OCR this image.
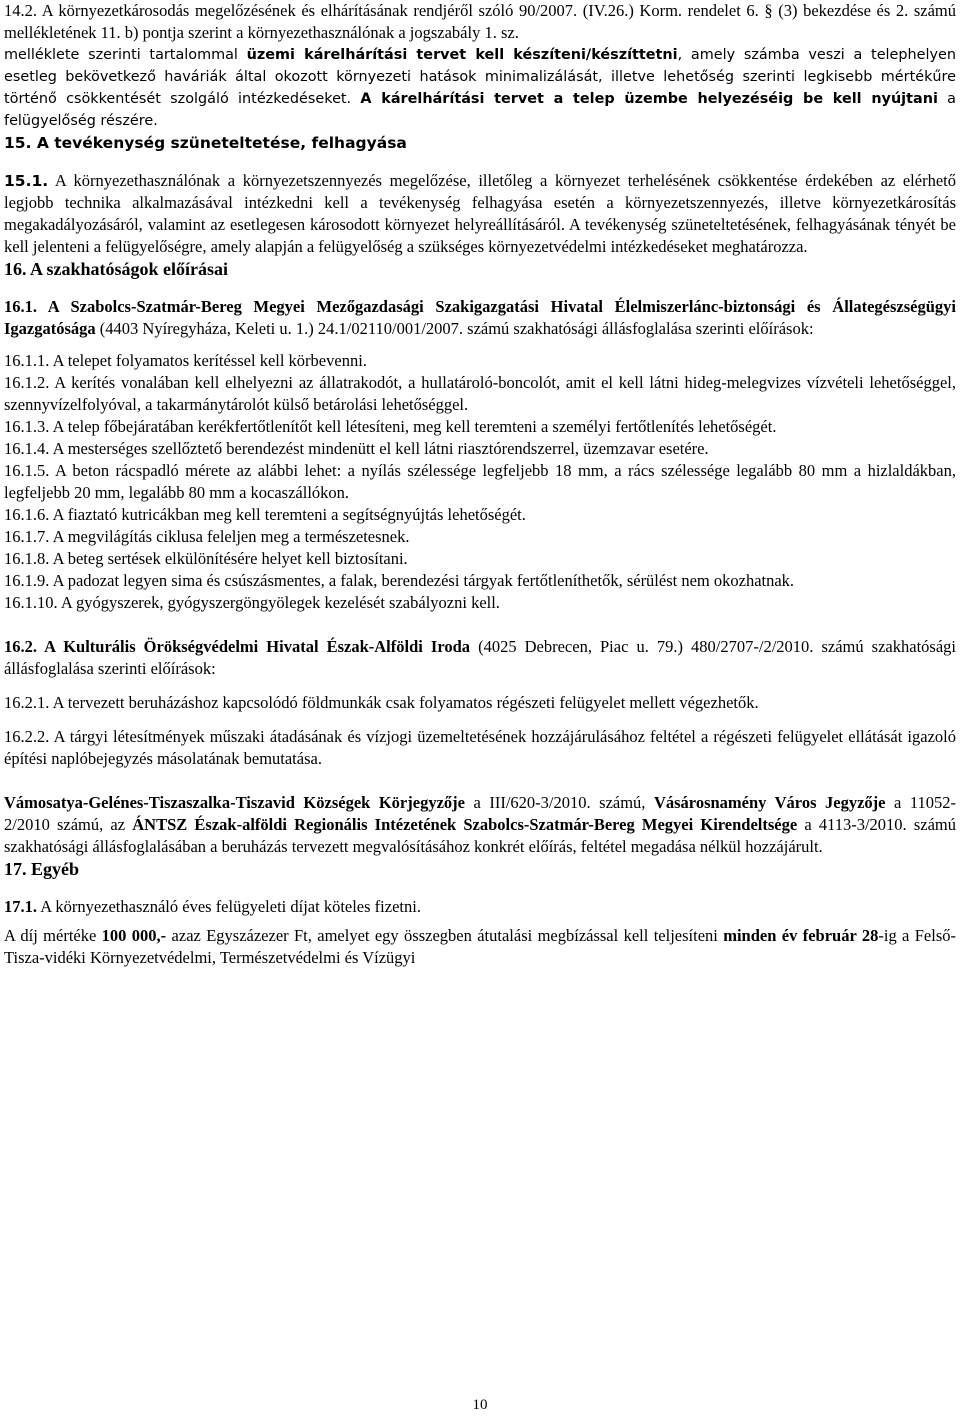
14.2. A környezetkárosodás megelőzésének és elhárításának rendjéről szóló 90/2007. (IV.26.) Korm. rendelet 6. § (3) bekezdése és 2. számú mellékletének 11. b) pontja szerint a környezethasználónak a jogszabály 1. sz.

melléklete szerinti tartalommal üzemi kárelhárítási tervet kell készíteni/készíttetni, amely számba veszi a telephelyen esetleg bekövetkező haváriák által okozott környezeti hatások minimalizálását, illetve lehetőség szerinti legkisebb mértékűre történő csökkentését szolgáló intézkedéseket. A kárelhárítási tervet a telep üzembe helyezéséig be kell nyújtani a felügyelőség részére.

15. A tevékenység szüneteltetése, felhagyása

15.1. A környezethasználónak a környezetszennyezés megelőzése, illetőleg a környezet terhelésének csökkentése érdekében az elérhető legjobb technika alkalmazásával intézkedni kell a tevékenység felhagyása esetén a környezetszennyezés, illetve környezetkárosítás megakadályozásáról, valamint az esetlegesen károsodott környezet helyreállításáról. A tevékenység szüneteltetésének, felhagyásának tényét be kell jelenteni a felügyelőségre, amely alapján a felügyelőség a szükséges környezetvédelmi intézkedéseket meghatározza.

16. A szakhatóságok előírásai

16.1. A Szabolcs-Szatmár-Bereg Megyei Mezőgazdasági Szakigazgatási Hivatal Élelmiszerlánc-biztonsági és Állategészségügyi Igazgatósága (4403 Nyíregyháza, Keleti u. 1.) 24.1/02110/001/2007. számú szakhatósági állásfoglalása szerinti előírások:

16.1.1. A telepet folyamatos kerítéssel kell körbevenni.

16.1.2. A kerítés vonalában kell elhelyezni az állatrakodót, a hullatároló-boncolót, amit el kell látni hideg-melegvizes vízvételi lehetőséggel, szennyvízelfolyóval, a takarmánytárolót külső betárolási lehetőséggel.

16.1.3. A telep főbejáratában kerékfertőtlenítőt kell létesíteni, meg kell teremteni a személyi fertőtlenítés lehetőségét.

16.1.4. A mesterséges szellőztető berendezést mindenütt el kell látni riasztórendszerrel, üzemzavar esetére.

16.1.5. A beton rácspadló mérete az alábbi lehet: a nyílás szélessége legfeljebb 18 mm, a rács szélessége legalább 80 mm a hizlaldákban, legfeljebb 20 mm, legalább 80 mm a kocaszállókon.

16.1.6. A fiaztató kutricákban meg kell teremteni a segítségnyújtás lehetőségét.

16.1.7. A megvilágítás ciklusa feleljen meg a természetesnek.

16.1.8. A beteg sertések elkülönítésére helyet kell biztosítani.

16.1.9. A padozat legyen sima és csúszásmentes, a falak, berendezési tárgyak fertőtleníthetők, sérülést nem okozhatnak.

16.1.10. A gyógyszerek, gyógyszergöngyölegek kezelését szabályozni kell.

16.2. A Kulturális Örökségvédelmi Hivatal Észak-Alföldi Iroda (4025 Debrecen, Piac u. 79.) 480/2707-/2/2010. számú szakhatósági állásfoglalása szerinti előírások:

16.2.1. A tervezett beruházáshoz kapcsolódó földmunkák csak folyamatos régészeti felügyelet mellett végezhetők.

16.2.2. A tárgyi létesítmények műszaki átadásának és vízjogi üzemeltetésének hozzájárulásához feltétel a régészeti felügyelet ellátását igazoló építési naplóbejegyzés másolatának bemutatása.

Vámosatya-Gelénes-Tiszaszalka-Tiszavid Községek Körjegyzője a III/620-3/2010. számú, Vásárosnamény Város Jegyzője a 11052-2/2010 számú, az ÁNTSZ Észak-alföldi Regionális Intézetének Szabolcs-Szatmár-Bereg Megyei Kirendeltsége a 4113-3/2010. számú szakhatósági állásfoglalásában a beruházás tervezett megvalósításához konkrét előírás, feltétel megadása nélkül hozzájárult.

17. Egyéb

17.1. A környezethasználó éves felügyeleti díjat köteles fizetni.

A díj mértéke 100 000,- azaz Egyszázezer Ft, amelyet egy összegben átutalási megbízással kell teljesíteni minden év február 28-ig a Felső-Tisza-vidéki Környezetvédelmi, Természetvédelmi és Vízügyi

10
